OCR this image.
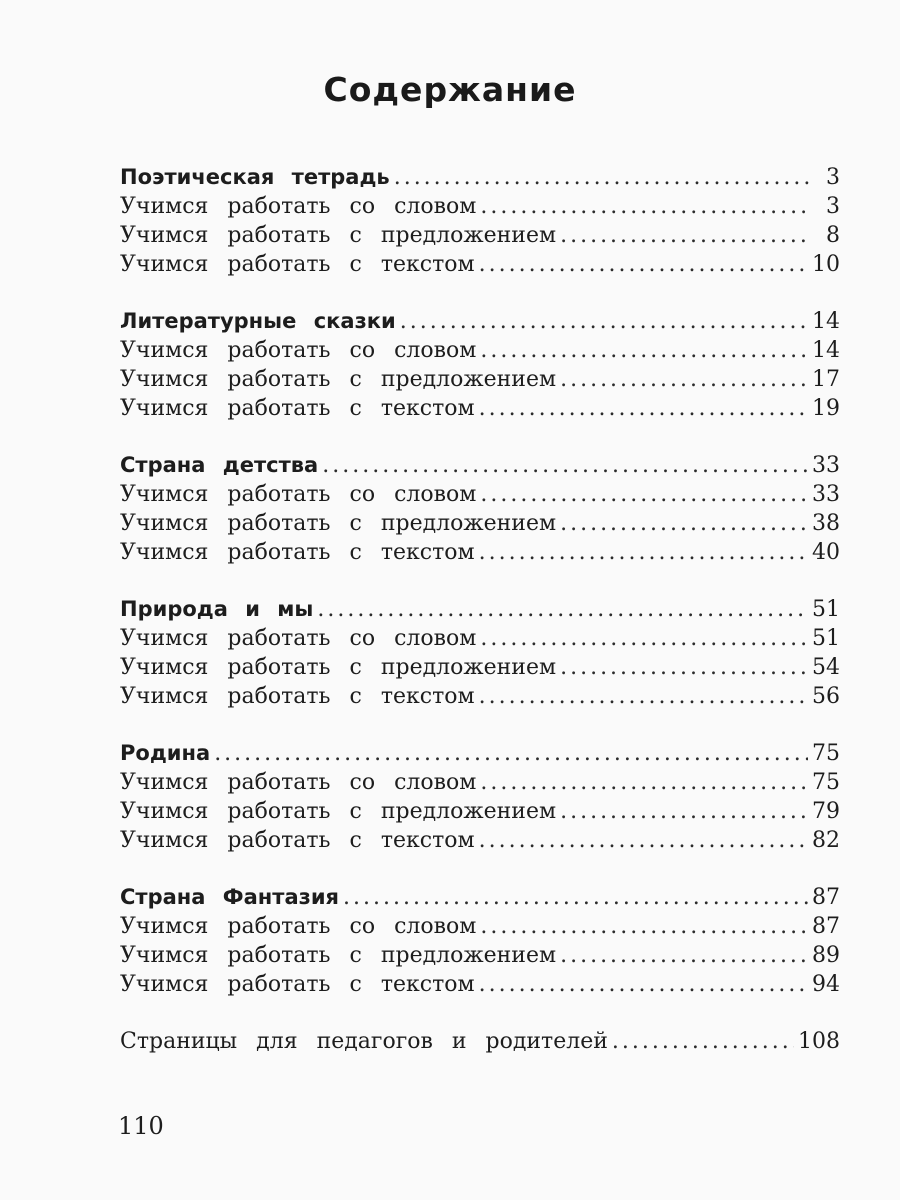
Содержание
Поэтическая тетрадь .....	3
Учимся работать со словом .....	3
Учимся работать с предложением .....	8
Учимся работать с текстом .....	10
Литературные сказки .....	14
Учимся работать со словом .....	14
Учимся работать с предложением .....	17
Учимся работать с текстом .....	19
Страна детства .....	33
Учимся работать со словом .....	33
Учимся работать с предложением .....	38
Учимся работать с текстом .....	40
Природа и мы .....	51
Учимся работать со словом .....	51
Учимся работать с предложением .....	54
Учимся работать с текстом .....	56
Родина .....	75
Учимся работать со словом .....	75
Учимся работать с предложением .....	79
Учимся работать с текстом .....	82
Страна Фантазия .....	87
Учимся работать со словом .....	87
Учимся работать с предложением .....	89
Учимся работать с текстом .....	94
Страницы для педагогов и родителей .....	108
110
